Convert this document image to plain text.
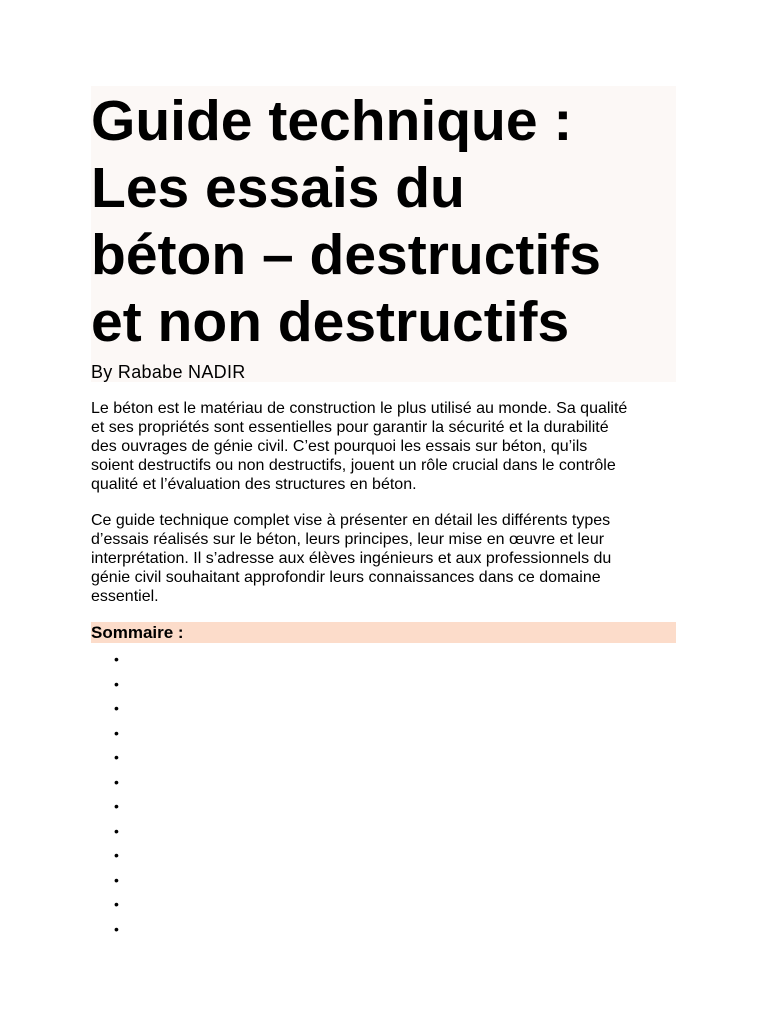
Guide technique :
Les essais du
béton – destructifs
et non destructifs
By Rababe NADIR
Le béton est le matériau de construction le plus utilisé au monde. Sa qualité
et ses propriétés sont essentielles pour garantir la sécurité et la durabilité
des ouvrages de génie civil. C’est pourquoi les essais sur béton, qu’ils
soient destructifs ou non destructifs, jouent un rôle crucial dans le contrôle
qualité et l’évaluation des structures en béton.
Ce guide technique complet vise à présenter en détail les différents types
d’essais réalisés sur le béton, leurs principes, leur mise en œuvre et leur
interprétation. Il s’adresse aux élèves ingénieurs et aux professionnels du
génie civil souhaitant approfondir leurs connaissances dans ce domaine
essentiel.
Sommaire :
•
•
•
•
•
•
•
•
•
•
•
•
